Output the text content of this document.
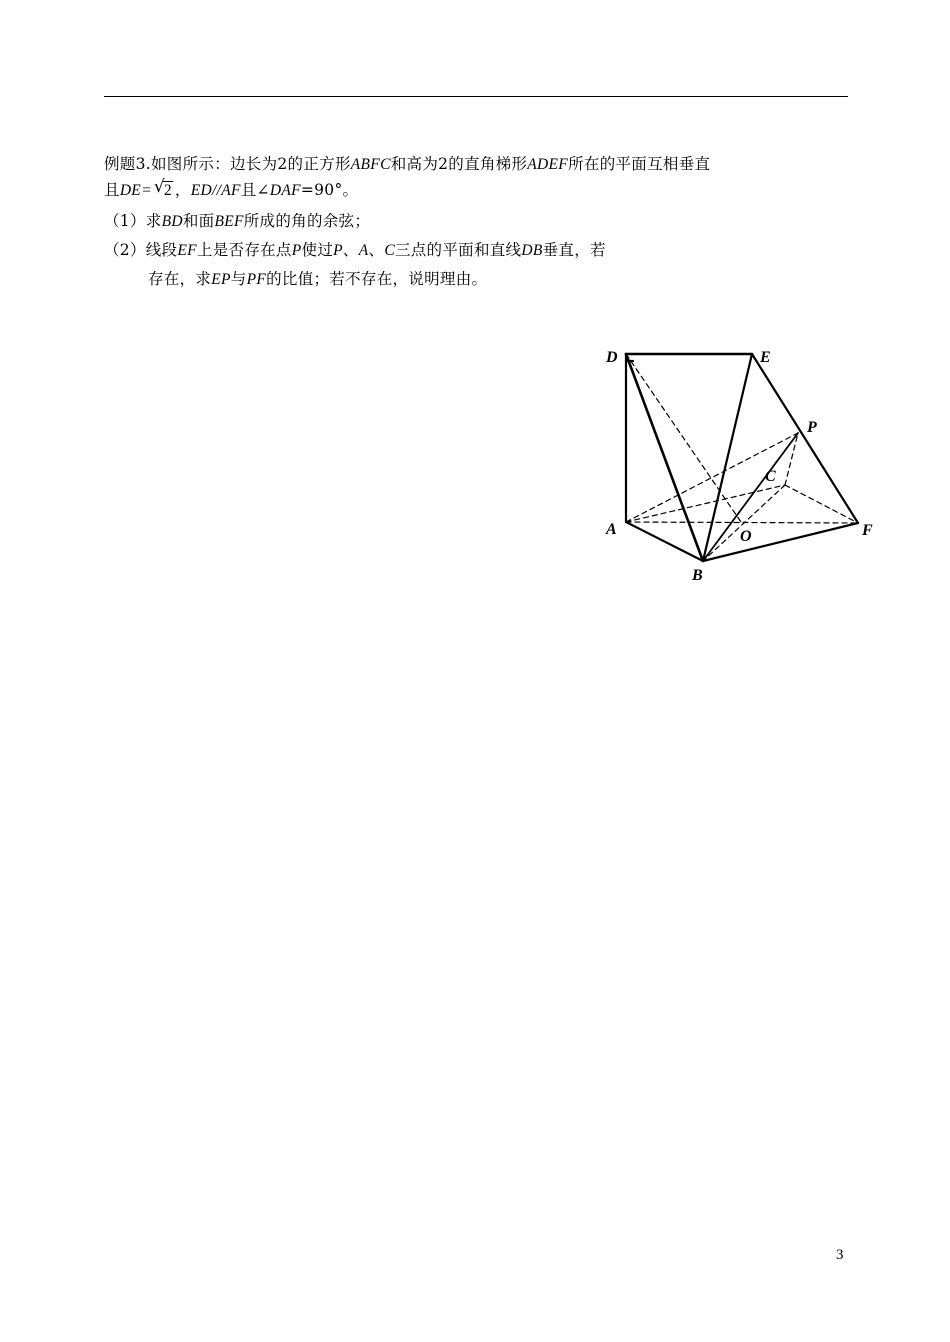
例题3.如图所示：边长为2的正方形ABFC和高为2的直角梯形ADEF所在的平面互相垂直
且DE= √
2 ，ED//AF且∠DAF=90°。
（1）求BD和面BEF所成的角的余弦；
（2）线段EF上是否存在点P使过P、A、C三点的平面和直线DB垂直，若
存在，求EP与PF的比值；若不存在，说明理由。
D	E
P
C
A	O	F
B
3
